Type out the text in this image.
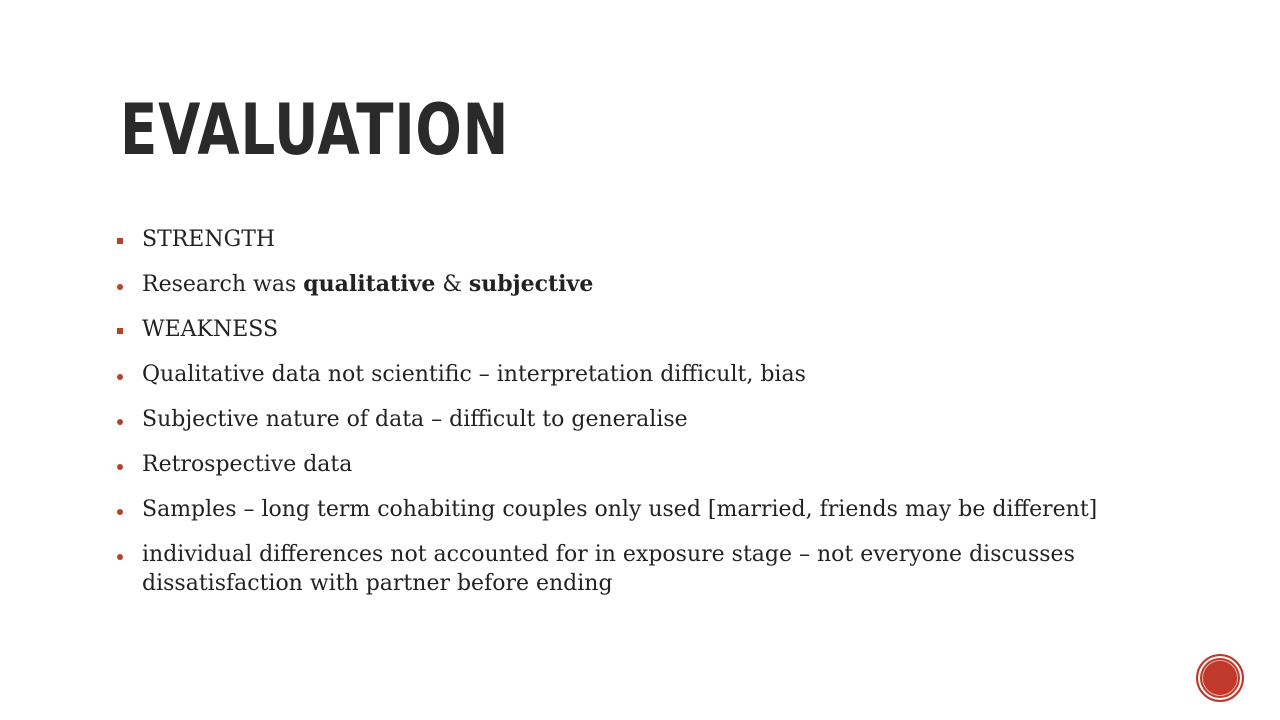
EVALUATION
STRENGTH
Research was qualitative & subjective
WEAKNESS
Qualitative data not scientific – interpretation difficult, bias
Subjective nature of data – difficult to generalise
Retrospective data
Samples – long term cohabiting couples only used [married, friends may be different]
individual differences not accounted for in exposure stage – not everyone discusses dissatisfaction with partner before ending
